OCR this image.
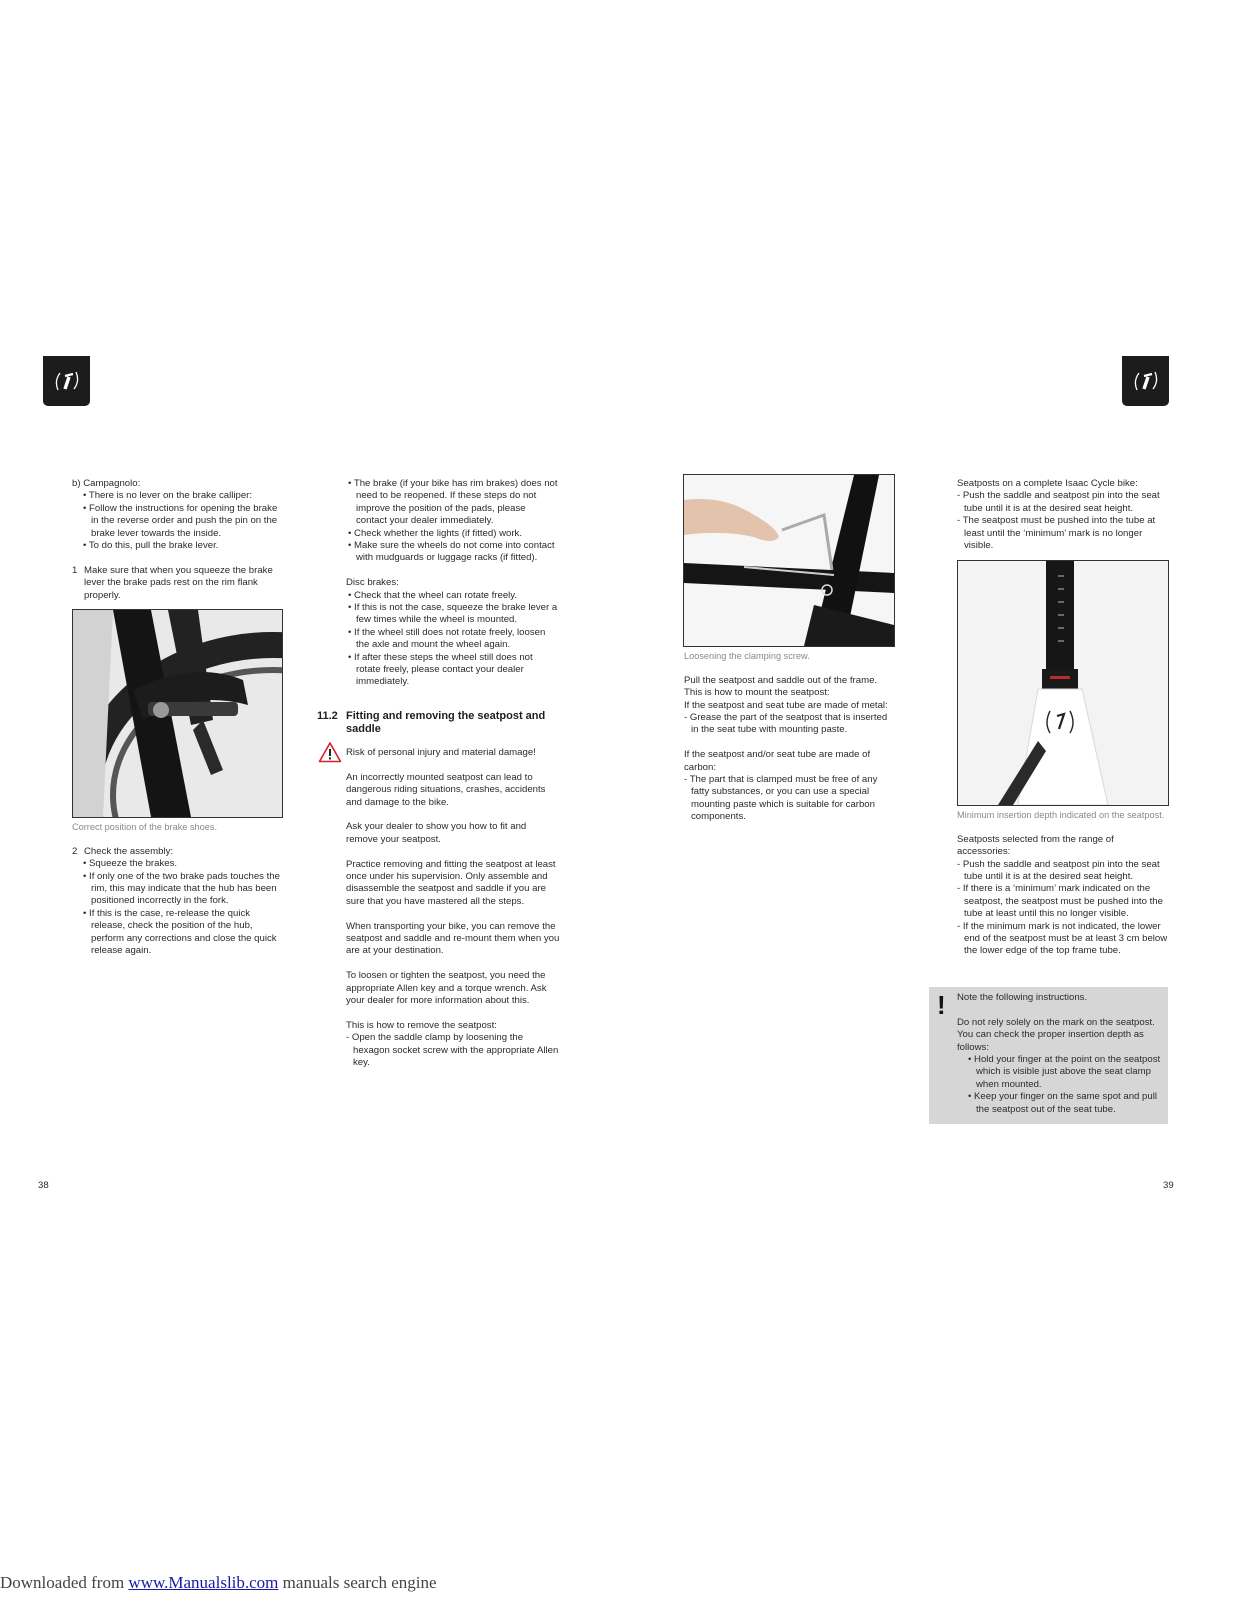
b) Campagnolo:

• There is no lever on the brake calliper:

• Follow the instructions for opening the brake in the reverse order and push the pin on the brake lever towards the inside.

• To do this, pull the brake lever.

1 Make sure that when you squeeze the brake lever the brake pads rest on the rim flank properly.

Correct position of the brake shoes.

2 Check the assembly:

• Squeeze the brakes.

• If only one of the two brake pads touches the rim, this may indicate that the hub has been positioned incorrectly in the fork.

• If this is the case, re-release the quick release, check the position of the hub, perform any corrections and close the quick release again.

• The brake (if your bike has rim brakes) does not need to be reopened. If these steps do not improve the position of the pads, please contact your dealer immediately.

• Check whether the lights (if fitted) work.

• Make sure the wheels do not come into contact with mudguards or luggage racks (if fitted).

Disc brakes:

• Check that the wheel can rotate freely.

• If this is not the case, squeeze the brake lever a few times while the wheel is mounted.

• If the wheel still does not rotate freely, loosen the axle and mount the wheel again.

• If after these steps the wheel still does not rotate freely, please contact your dealer immediately.

11.2 Fitting and removing the seatpost and saddle

Risk of personal injury and material damage!

An incorrectly mounted seatpost can lead to dangerous riding situations, crashes, accidents and damage to the bike.

Ask your dealer to show you how to fit and remove your seatpost.

Practice removing and fitting the seatpost at least once under his supervision. Only assemble and disassemble the seatpost and saddle if you are sure that you have mastered all the steps.

When transporting your bike, you can remove the seatpost and saddle and re-mount them when you are at your destination.

To loosen or tighten the seatpost, you need the appropriate Allen key and a torque wrench. Ask your dealer for more information about this.

This is how to remove the seatpost:

- Open the saddle clamp by loosening the hexagon socket screw with the appropriate Allen key.

38

Loosening the clamping screw.

Pull the seatpost and saddle out of the frame. This is how to mount the seatpost:

If the seatpost and seat tube are made of metal:

- Grease the part of the seatpost that is inserted in the seat tube with mounting paste.

If the seatpost and/or seat tube are made of carbon:

- The part that is clamped must be free of any fatty substances, or you can use a special mounting paste which is suitable for carbon components.

Seatposts on a complete Isaac Cycle bike:

- Push the saddle and seatpost pin into the seat tube until it is at the desired seat height.

- The seatpost must be pushed into the tube at least until the ‘minimum’ mark is no longer visible.

Minimum insertion depth indicated on the seatpost.

Seatposts selected from the range of accessories:

- Push the saddle and seatpost pin into the seat tube until it is at the desired seat height.

- If there is a ‘minimum’ mark indicated on the seatpost, the seatpost must be pushed into the tube at least until this no longer visible.

- If the minimum mark is not indicated, the lower end of the seatpost must be at least 3 cm below the lower edge of the top frame tube.

! Note the following instructions.

Do not rely solely on the mark on the seatpost. You can check the proper insertion depth as follows:

• Hold your finger at the point on the seatpost which is visible just above the seat clamp when mounted.

• Keep your finger on the same spot and pull the seatpost out of the seat tube.

39
Downloaded from www.Manualslib.com manuals search engine
